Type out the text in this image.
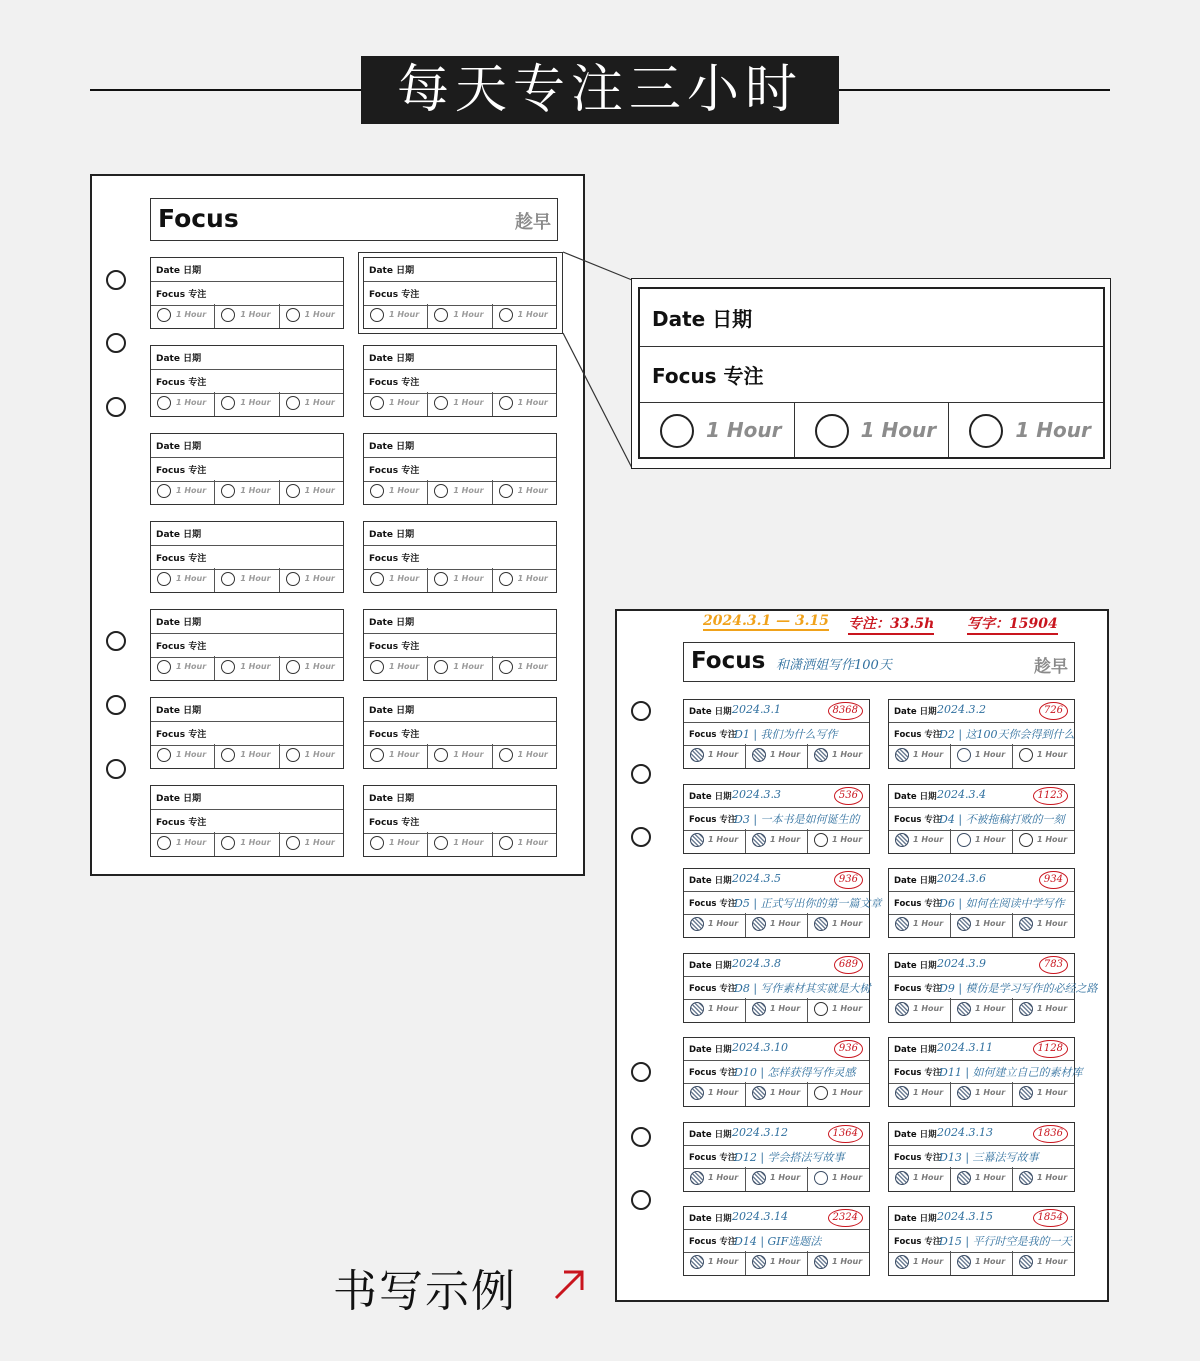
每天专注三小时
Focus	趁早
Date 日期
Focus 专注
1 Hour	1 Hour	1 Hour
Date 日期
Focus 专注
1 Hour	1 Hour	1 Hour
Date 日期
Focus 专注
1 Hour	1 Hour	1 Hour
Date 日期
Focus 专注
1 Hour	1 Hour	1 Hour
Date 日期
Focus 专注
1 Hour	1 Hour	1 Hour
Date 日期
Focus 专注
1 Hour	1 Hour	1 Hour
Date 日期
Focus 专注
1 Hour	1 Hour	1 Hour
Date 日期
Focus 专注
1 Hour	1 Hour	1 Hour
Date 日期
Focus 专注
1 Hour	1 Hour	1 Hour
Date 日期
Focus 专注
1 Hour	1 Hour	1 Hour
Date 日期
Focus 专注
1 Hour	1 Hour	1 Hour
Date 日期
Focus 专注
1 Hour	1 Hour	1 Hour
Date 日期
Focus 专注
1 Hour	1 Hour	1 Hour
Date 日期
Focus 专注
1 Hour	1 Hour	1 Hour
Date 日期
Focus 专注
1 Hour	1 Hour	1 Hour
2024.3.1 — 3.15 专注：33.5h 写字：15904
Focus 和潇洒姐写作100天	趁早
Date 日期 2024.3.1	8368
Focus 专注
D1 | 我们为什么写作
1 Hour	1 Hour	1 Hour
Date 日期 2024.3.2	726
Focus 专注
D2 | 这100天你会得到什么
1 Hour	1 Hour	1 Hour
Date 日期 2024.3.3	536
Focus 专注
D3 | 一本书是如何诞生的
1 Hour	1 Hour	1 Hour
Date 日期 2024.3.4	1123
Focus 专注
D4 | 不被拖稿打败的一刻
1 Hour	1 Hour	1 Hour
Date 日期 2024.3.5	936
Focus 专注
D5 | 正式写出你的第一篇文章
1 Hour	1 Hour	1 Hour
Date 日期 2024.3.6	934
Focus 专注
D6 | 如何在阅读中学写作
1 Hour	1 Hour	1 Hour
Date 日期 2024.3.8	689
Focus 专注
D8 | 写作素材其实就是大树
1 Hour	1 Hour	1 Hour
Date 日期 2024.3.9	783
Focus 专注
D9 | 模仿是学习写作的必经之路
1 Hour	1 Hour	1 Hour
Date 日期 2024.3.10	936
Focus 专注
D10 | 怎样获得写作灵感
1 Hour	1 Hour	1 Hour
Date 日期 2024.3.11	1128
Focus 专注
D11 | 如何建立自己的素材库
1 Hour	1 Hour	1 Hour
Date 日期 2024.3.12	1364
Focus 专注
D12 | 学会搭法写故事
1 Hour	1 Hour	1 Hour
Date 日期 2024.3.13	1836
Focus 专注
D13 | 三幕法写故事
1 Hour	1 Hour	1 Hour
Date 日期 2024.3.14	2324
Focus 专注
D14 | GIF选题法
1 Hour	1 Hour	1 Hour
Date 日期 2024.3.15	1854
Focus 专注
D15 | 平行时空是我的一天
1 Hour	1 Hour	1 Hour
书写示例
